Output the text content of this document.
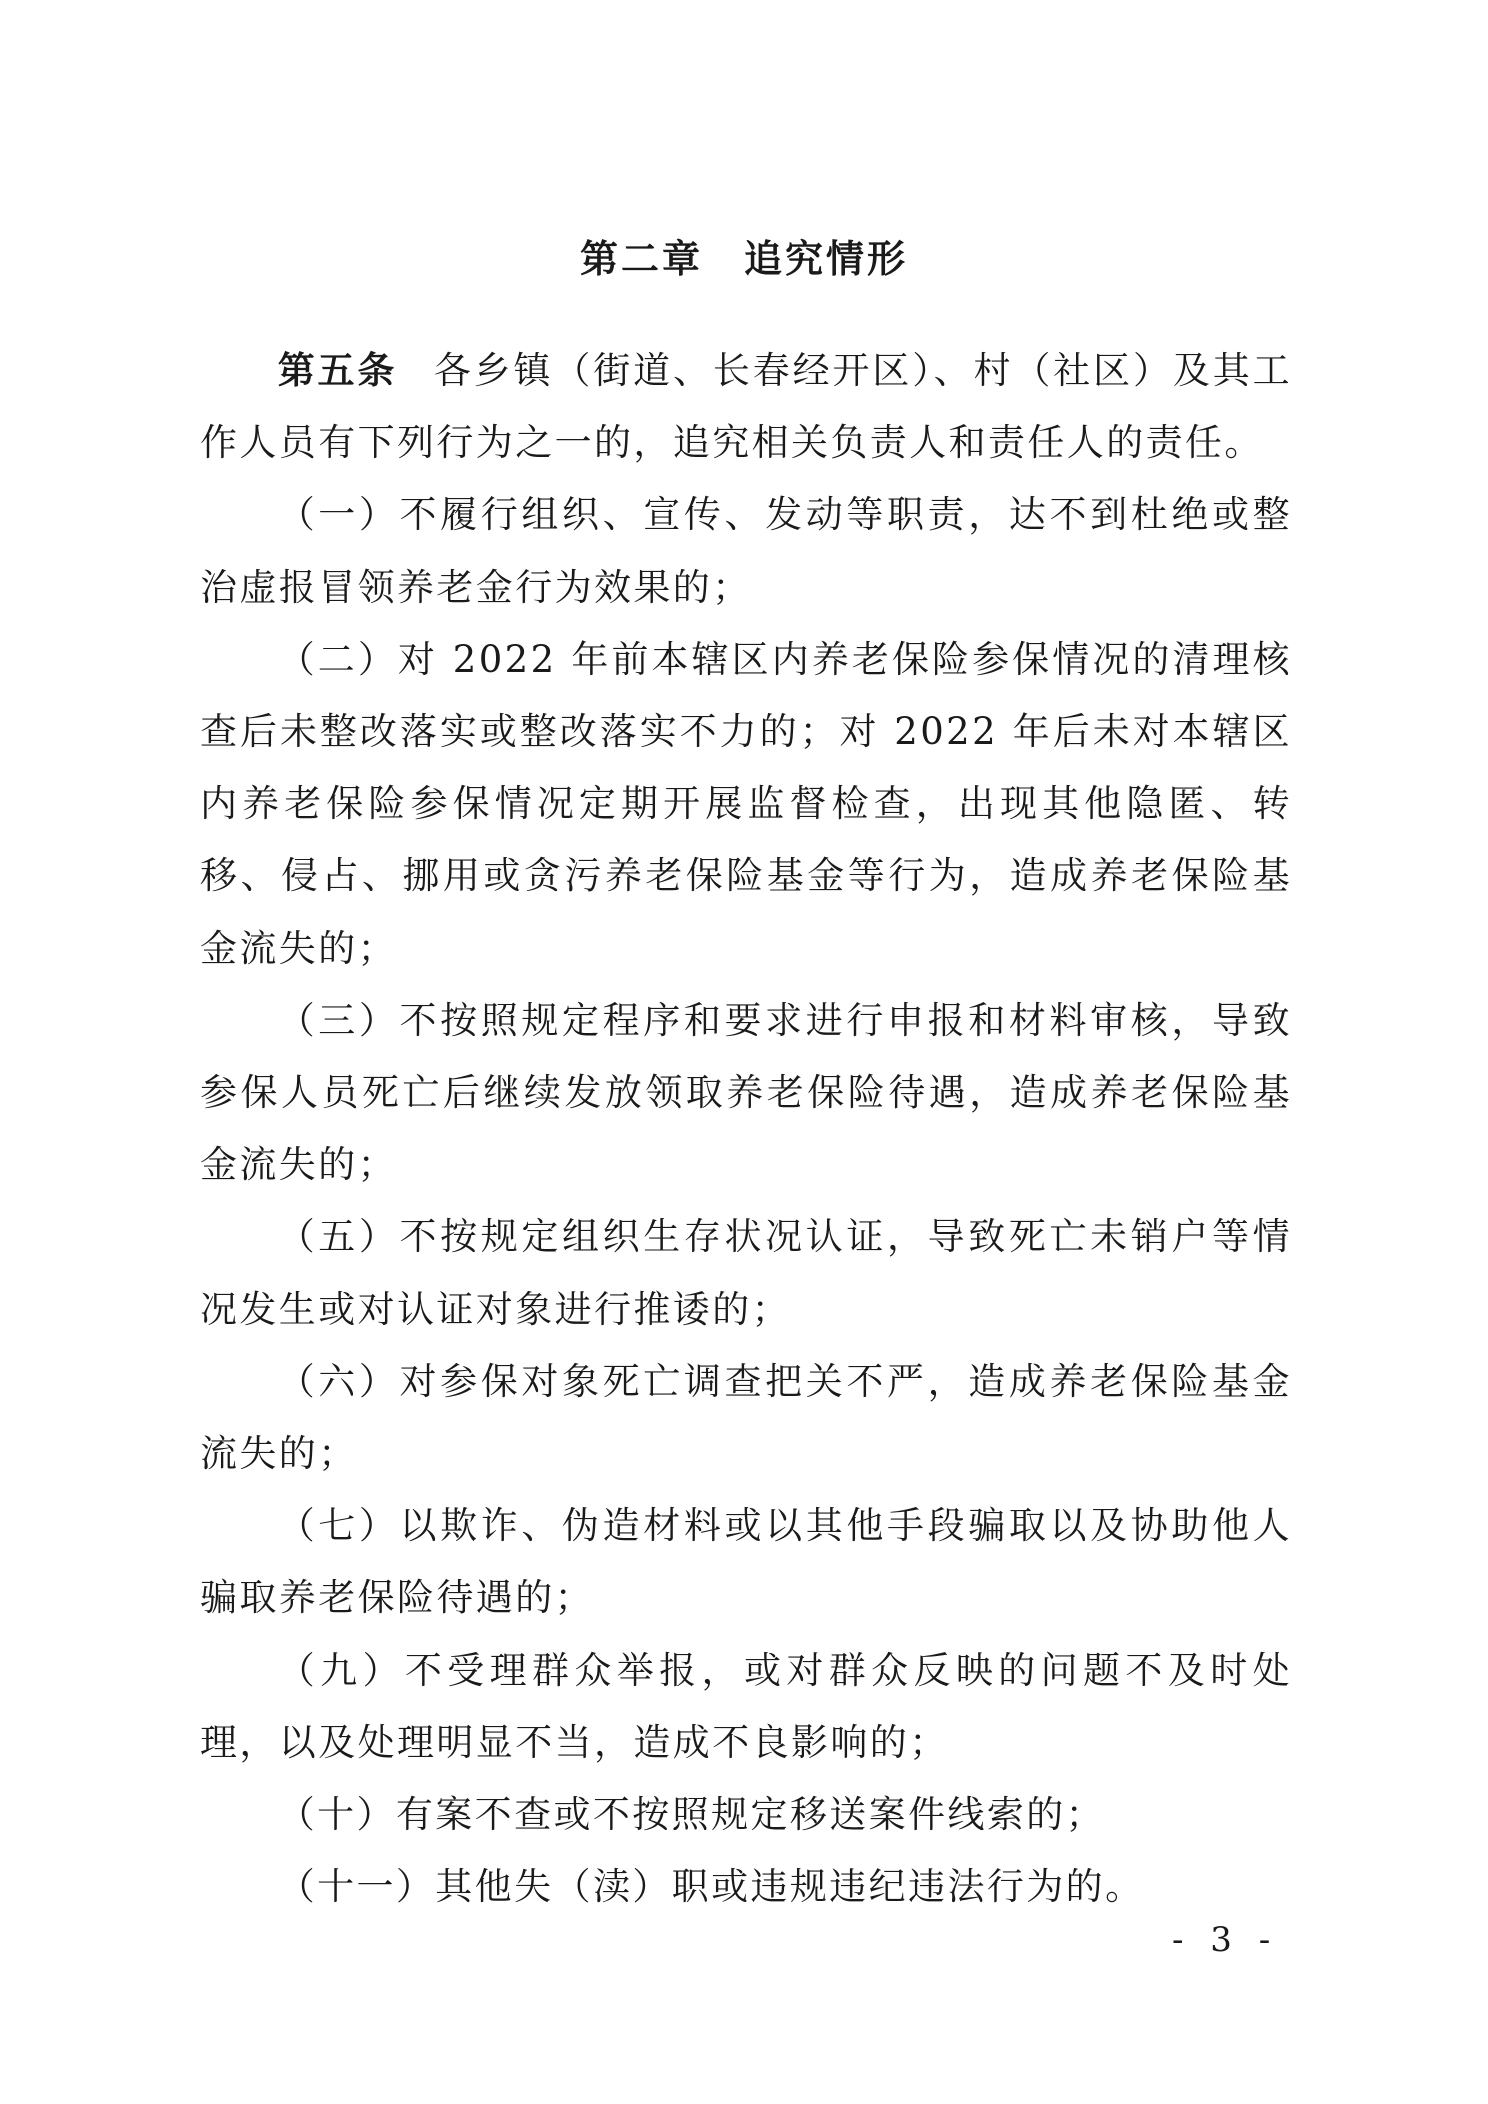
第二章　追究情形

第五条 各乡镇（街道、长春经开区）、村（社区）及其工作人员有下列行为之一的，追究相关负责人和责任人的责任。

（一）不履行组织、宣传、发动等职责，达不到杜绝或整治虚报冒领养老金行为效果的；

（二）对 2022 年前本辖区内养老保险参保情况的清理核查后未整改落实或整改落实不力的；对 2022 年后未对本辖区内养老保险参保情况定期开展监督检查，出现其他隐匿、转移、侵占、挪用或贪污养老保险基金等行为，造成养老保险基金流失的；

（三）不按照规定程序和要求进行申报和材料审核，导致参保人员死亡后继续发放领取养老保险待遇，造成养老保险基金流失的；

（五）不按规定组织生存状况认证，导致死亡未销户等情况发生或对认证对象进行推诿的；

（六）对参保对象死亡调查把关不严，造成养老保险基金流失的；

（七）以欺诈、伪造材料或以其他手段骗取以及协助他人骗取养老保险待遇的；

（九）不受理群众举报，或对群众反映的问题不及时处理，以及处理明显不当，造成不良影响的；

（十）有案不查或不按照规定移送案件线索的；

（十一）其他失（渎）职或违规违纪违法行为的。

- 3 -
